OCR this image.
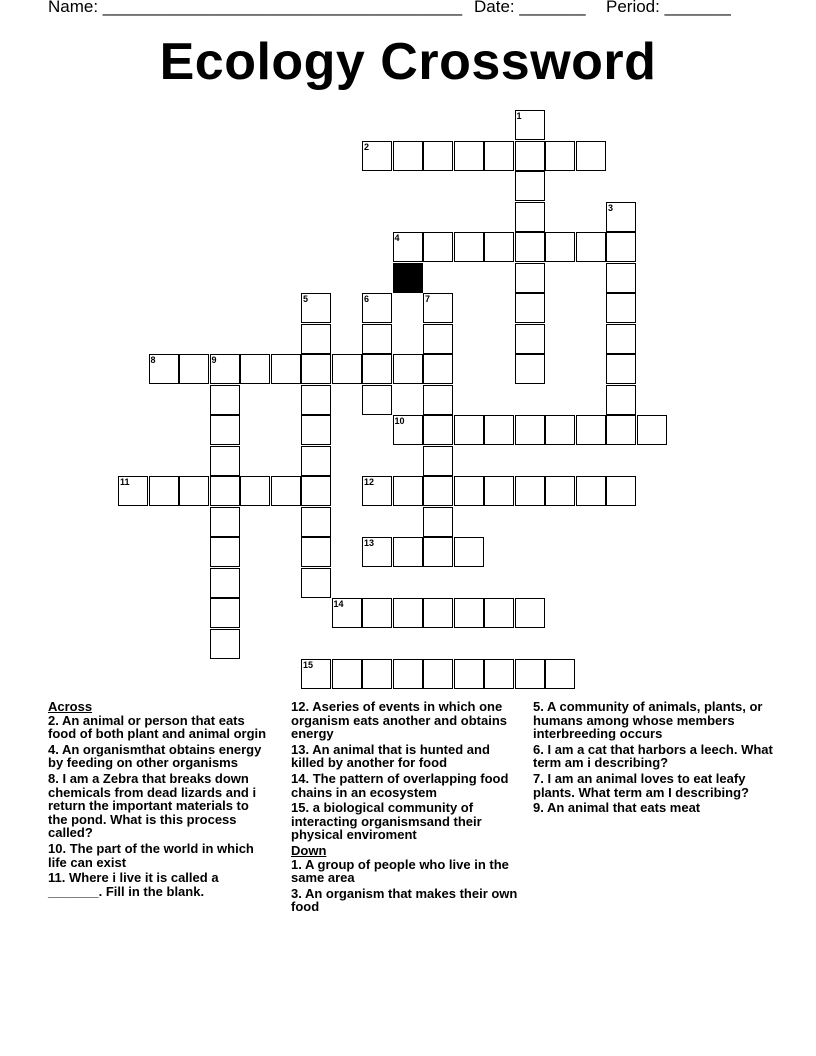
Name: ______________________________________ Date: _______ Period: _______
Ecology Crossword
1
2
3
4
5	6	7
8	9
10
11	12
13
14
15
Across
2. An animal or person that eats food of both plant and animal orgin
4. An organismthat obtains energy by feeding on other organisms
8. I am a Zebra that breaks down chemicals from dead lizards and i return the important materials to the pond. What is this process called?
10. The part of the world in which life can exist
11. Where i live it is called a _______. Fill in the blank.
12. Aseries of events in which one organism eats another and obtains energy
13. An animal that is hunted and killed by another for food
14. The pattern of overlapping food chains in an ecosystem
15. a biological community of interacting organismsand their physical enviroment
Down
1. A group of people who live in the same area
3. An organism that makes their own food
5. A community of animals, plants, or humans among whose members interbreeding occurs
6. I am a cat that harbors a leech. What term am i describing?
7. I am an animal loves to eat leafy plants. What term am I describing?
9. An animal that eats meat
